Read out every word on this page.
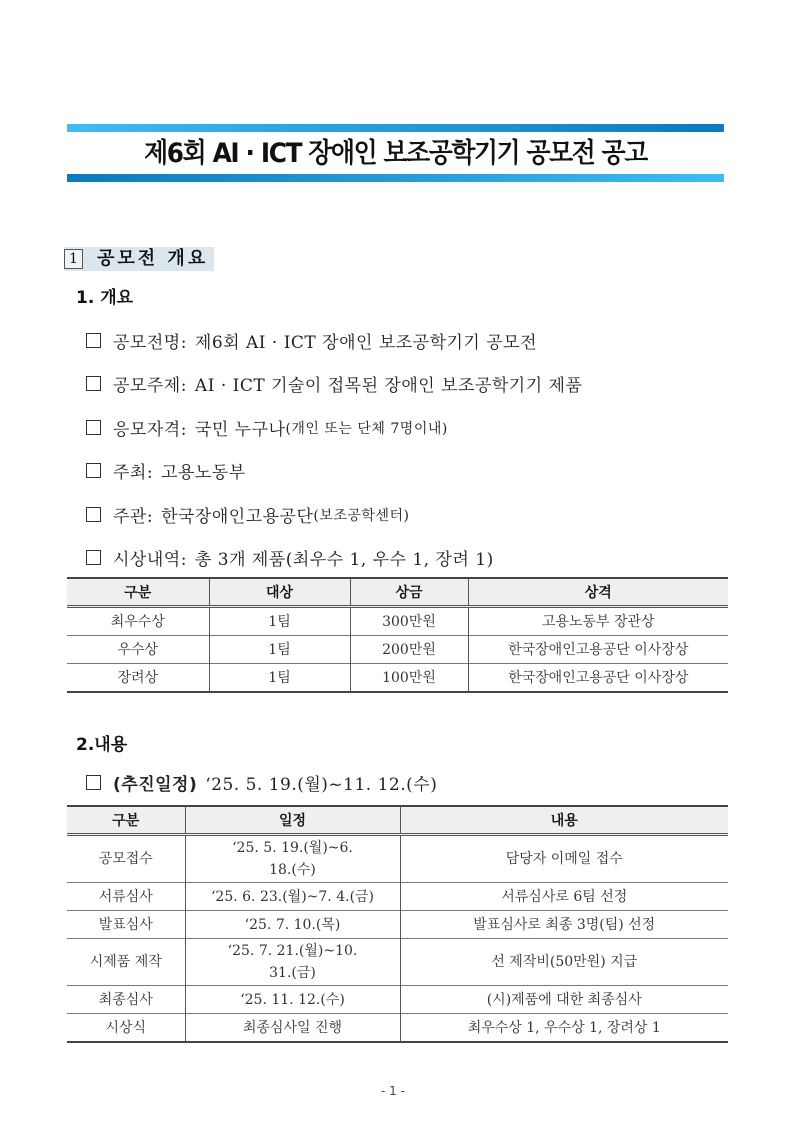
제6회 AI · ICT 장애인 보조공학기기 공모전 공고
1 공모전 개요
1. 개요
공모전명: 제6회 AI · ICT 장애인 보조공학기기 공모전
공모주제: AI · ICT 기술이 접목된 장애인 보조공학기기 제품
응모자격: 국민 누구나 (개인 또는 단체 7명이내)
주최: 고용노동부
주관: 한국장애인고용공단 (보조공학센터)
시상내역: 총 3개 제품(최우수 1, 우수 1, 장려 1)
구분	대상	상금	상격
최우수상	1팀	300만원	고용노동부 장관상
우수상	1팀	200만원	한국장애인고용공단 이사장상
장려상	1팀	100만원	한국장애인고용공단 이사장상
2.내용
(추진일정) ‘25. 5. 19.(월)~11. 12.(수)
구분	일정	내용
공모접수	‘25. 5. 19.(월)~6. 18.(수)	담당자 이메일 접수
서류심사	‘25. 6. 23.(월)~7. 4.(금)	서류심사로 6팀 선정
발표심사	‘25. 7. 10.(목)	발표심사로 최종 3명(팀) 선정
시제품 제작	‘25. 7. 21.(월)~10. 31.(금)	선 제작비(50만원) 지급
최종심사	‘25. 11. 12.(수)	(시)제품에 대한 최종심사
시상식	최종심사일 진행	최우수상 1, 우수상 1, 장려상 1
- 1 -
